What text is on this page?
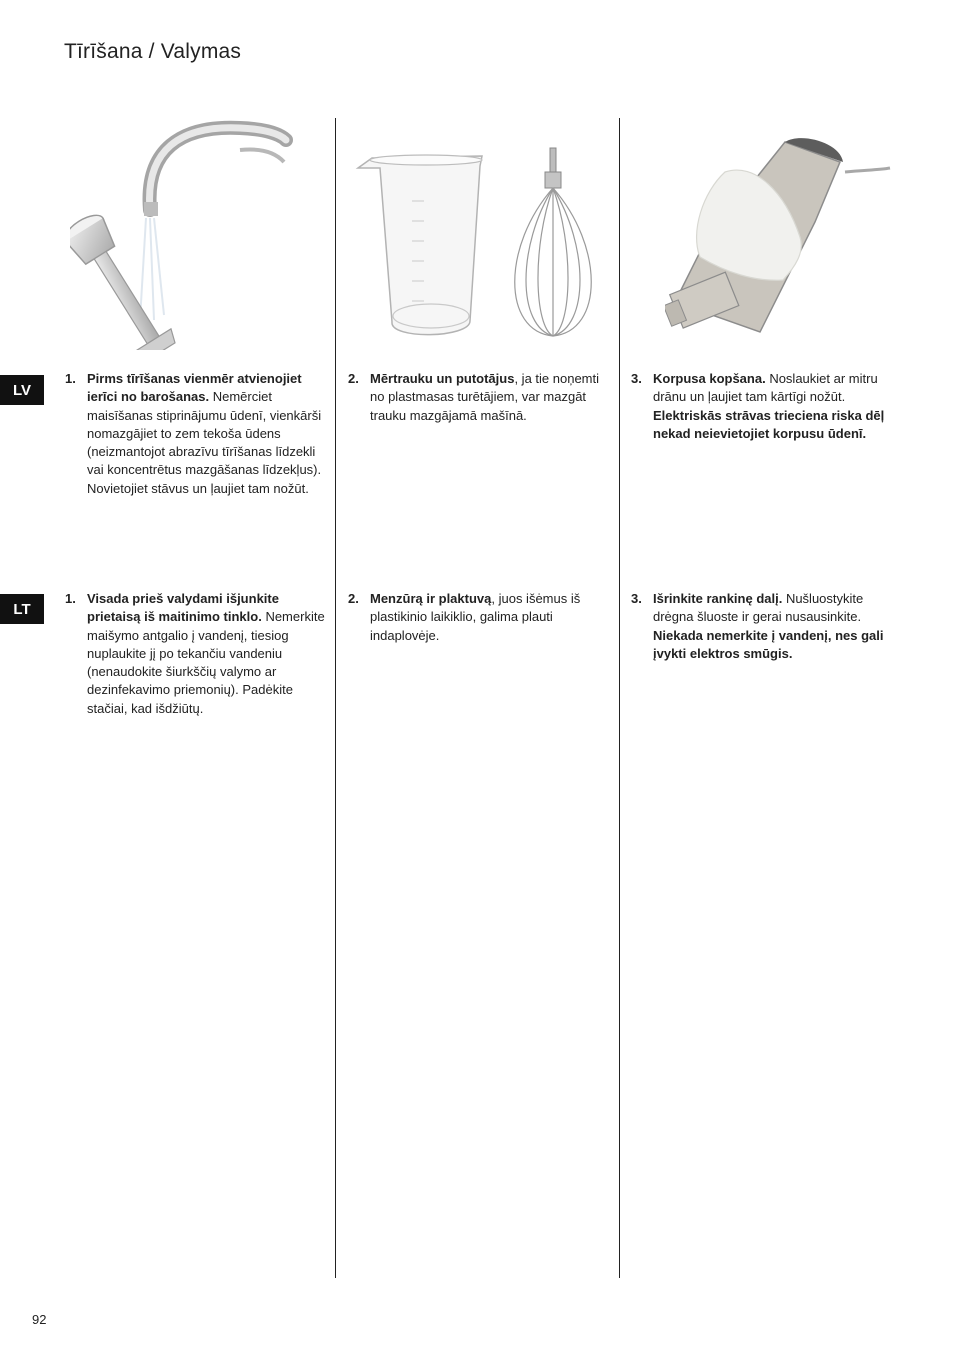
Tīrīšana / Valymas
LV
LT
1. Pirms tīrīšanas vienmēr atvienojiet ierīci no barošanas. Nemērciet maisīšanas stiprinājumu ūdenī, vienkārši nomazgājiet to zem tekoša ūdens (neizmantojot abrazīvu tīrīšanas līdzekli vai koncentrētus mazgāšanas līdzekļus). Novietojiet stāvus un ļaujiet tam nožūt.
2. Mērtrauku un putotājus, ja tie noņemti no plastmasas turētājiem, var mazgāt trauku mazgājamā mašīnā.
3. Korpusa kopšana. Noslaukiet ar mitru drānu un ļaujiet tam kārtīgi nožūt. Elektriskās strāvas trieciena riska dēļ nekad neievietojiet korpusu ūdenī.
1. Visada prieš valydami išjunkite prietaisą iš maitinimo tinklo. Nemerkite maišymo antgalio į vandenį, tiesiog nuplaukite jį po tekančiu vandeniu (nenaudokite šiurkščių valymo ar dezinfekavimo priemonių). Padėkite stačiai, kad išdžiūtų.
2. Menzūrą ir plaktuvą, juos išėmus iš plastikinio laikiklio, galima plauti indaplovėje.
3. Išrinkite rankinę dalį. Nušluostykite drėgna šluoste ir gerai nusausinkite. Niekada nemerkite į vandenį, nes gali įvykti elektros smūgis.
92
